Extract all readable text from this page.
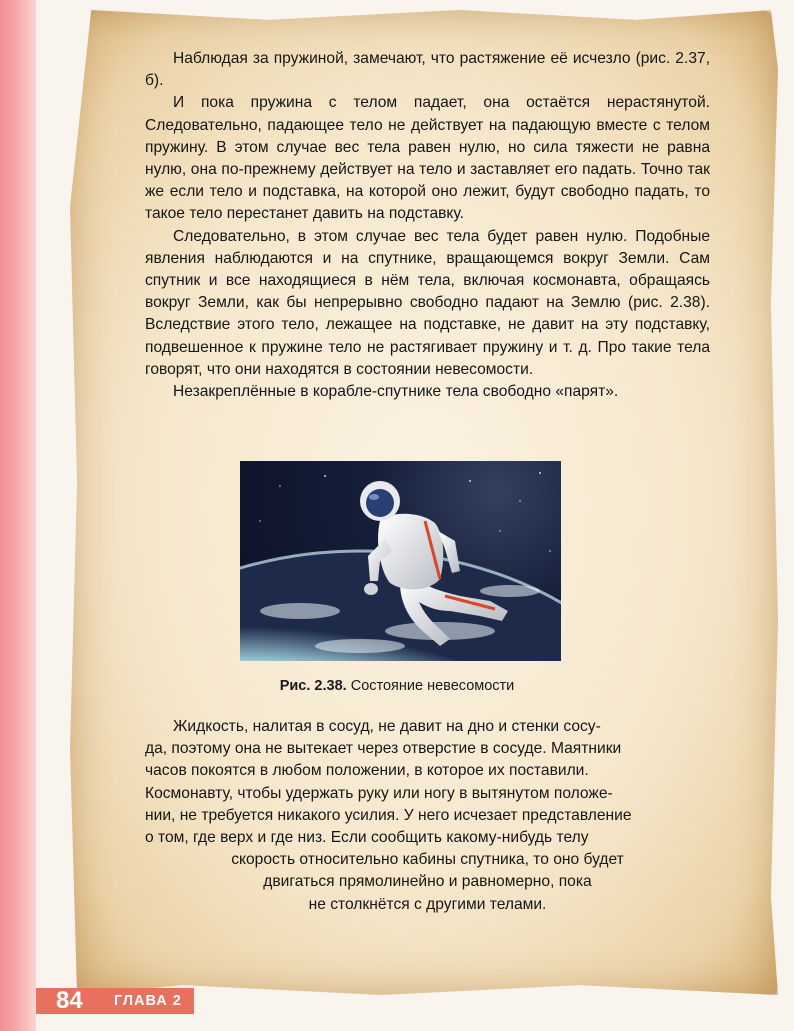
Наблюдая за пружиной, замечают, что растяжение её исчезло (рис. 2.37, б).

И пока пружина с телом падает, она остаётся нерастянутой. Следовательно, падающее тело не действует на падающую вместе с телом пружину. В этом случае вес тела равен нулю, но сила тяжести не равна нулю, она по-прежнему действует на тело и заставляет его падать. Точно так же если тело и подставка, на которой оно лежит, будут свободно падать, то такое тело перестанет давить на подставку.

Следовательно, в этом случае вес тела будет равен нулю. Подобные явления наблюдаются и на спутнике, вращающемся вокруг Земли. Сам спутник и все находящиеся в нём тела, включая космонавта, обращаясь вокруг Земли, как бы непрерывно свободно падают на Землю (рис. 2.38). Вследствие этого тело, лежащее на подставке, не давит на эту подставку, подвешенное к пружине тело не растягивает пружину и т. д. Про такие тела говорят, что они находятся в состоянии невесомости.

Незакреплённые в корабле-спутнике тела свободно «парят».

Рис. 2.38. Состояние невесомости
Жидкость, налитая в сосуд, не давит на дно и стенки сосу-
да, поэтому она не вытекает через отверстие в сосуде. Маятники
часов покоятся в любом положении, в которое их поставили.
Космонавту, чтобы удержать руку или ногу в вытянутом положе-
нии, не требуется никакого усилия. У него исчезает представление
о том, где верх и где низ. Если сообщить какому-нибудь телу
скорость относительно кабины спутника, то оно будет
двигаться прямолинейно и равномерно, пока
не столкнётся с другими телами.
84	ГЛАВА 2
